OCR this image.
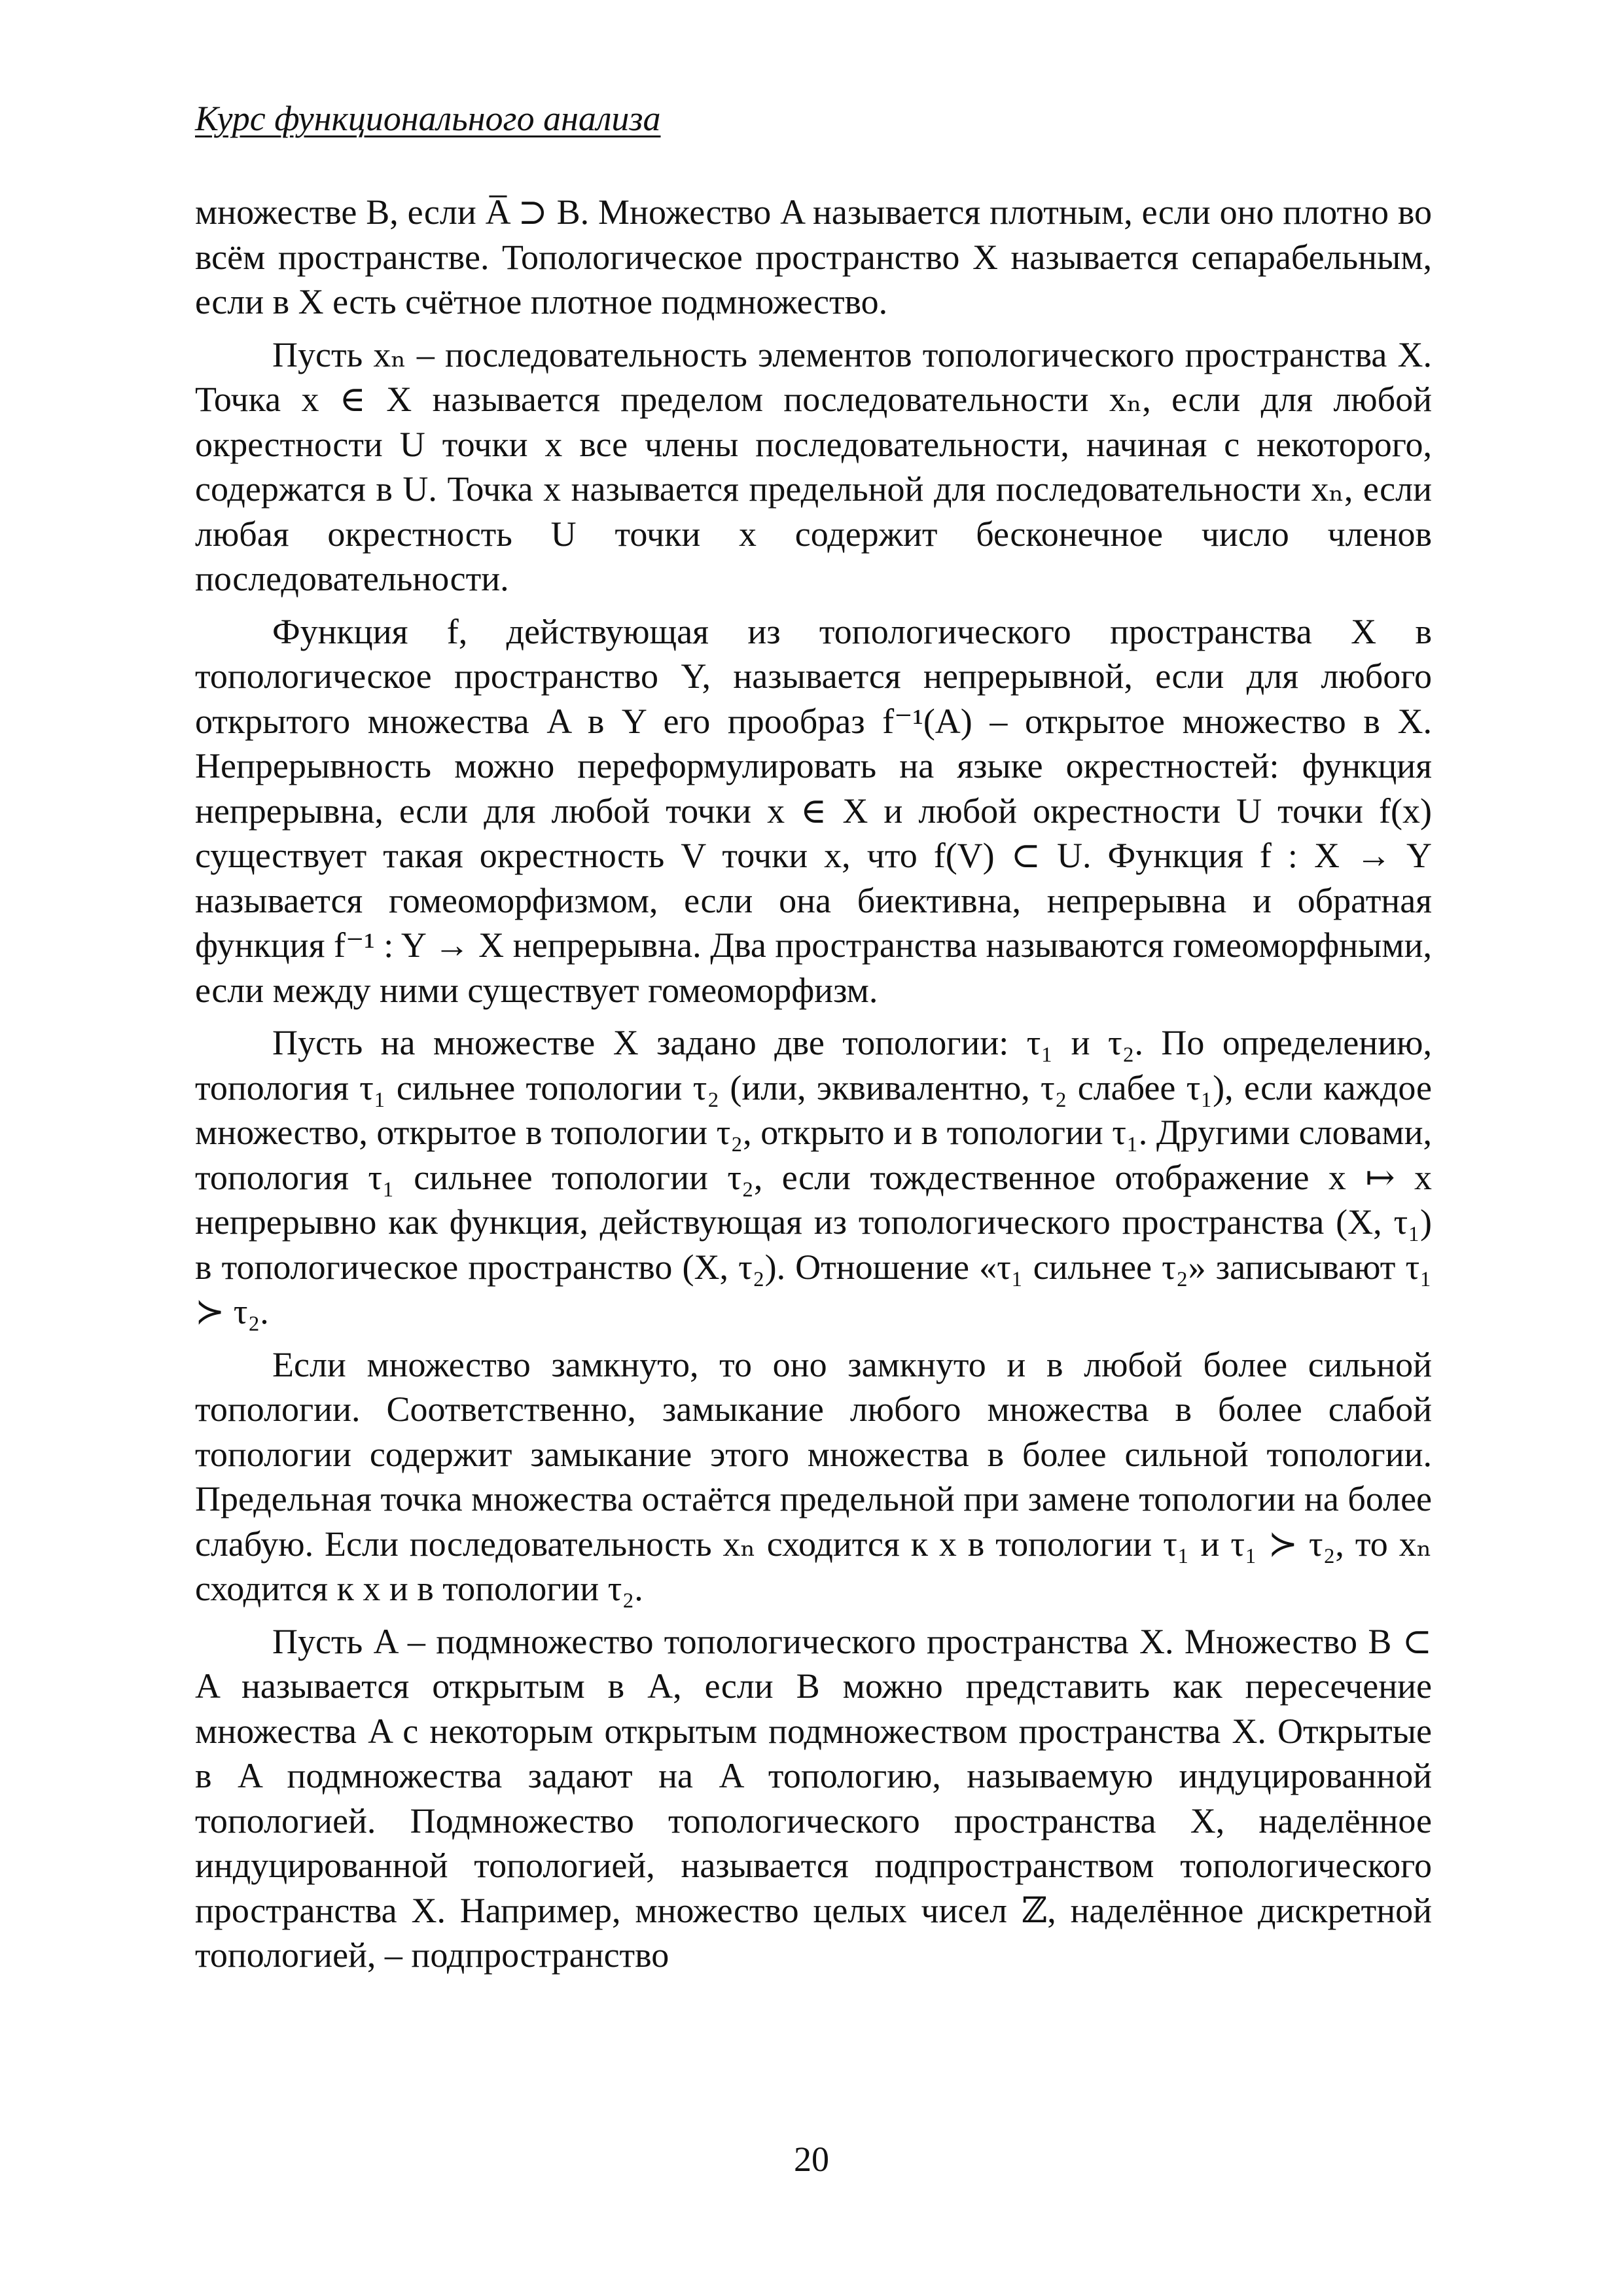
Курс функционального анализа

множестве B, если A̅ ⊃ B. Множество A называется плотным, если оно плотно во всём пространстве. Топологическое пространство X называется сепарабельным, если в X есть счётное плотное подмножество.

Пусть xₙ – последовательность элементов топологического пространства X. Точка x ∈ X называется пределом последовательности xₙ, если для любой окрестности U точки x все члены последовательности, начиная с некоторого, содержатся в U. Точка x называется предельной для последовательности xₙ, если любая окрестность U точки x содержит бесконечное число членов последовательности.

Функция f, действующая из топологического пространства X в топологическое пространство Y, называется непрерывной, если для любого открытого множества A в Y его прообраз f⁻¹(A) – открытое множество в X. Непрерывность можно переформулировать на языке окрестностей: функция непрерывна, если для любой точки x ∈ X и любой окрестности U точки f(x) существует такая окрестность V точки x, что f(V) ⊂ U. Функция f : X → Y называется гомеоморфизмом, если она биективна, непрерывна и обратная функция f⁻¹ : Y → X непрерывна. Два пространства называются гомеоморфными, если между ними существует гомеоморфизм.

Пусть на множестве X задано две топологии: τ₁ и τ₂. По определению, топология τ₁ сильнее топологии τ₂ (или, эквивалентно, τ₂ слабее τ₁), если каждое множество, открытое в топологии τ₂, открыто и в топологии τ₁. Другими словами, топология τ₁ сильнее топологии τ₂, если тождественное отображение x ↦ x непрерывно как функция, действующая из топологического пространства (X, τ₁) в топологическое пространство (X, τ₂). Отношение «τ₁ сильнее τ₂» записывают τ₁ ≻ τ₂.

Если множество замкнуто, то оно замкнуто и в любой более сильной топологии. Соответственно, замыкание любого множества в более слабой топологии содержит замыкание этого множества в более сильной топологии. Предельная точка множества остаётся предельной при замене топологии на более слабую. Если последовательность xₙ сходится к x в топологии τ₁ и τ₁ ≻ τ₂, то xₙ сходится к x и в топологии τ₂.

Пусть A – подмножество топологического пространства X. Множество B ⊂ A называется открытым в A, если B можно представить как пересечение множества A с некоторым открытым подмножеством пространства X. Открытые в A подмножества задают на A топологию, называемую индуцированной топологией. Подмножество топологического пространства X, наделённое индуцированной топологией, называется подпространством топологического пространства X. Например, множество целых чисел ℤ, наделённое дискретной топологией, – подпространство

20
